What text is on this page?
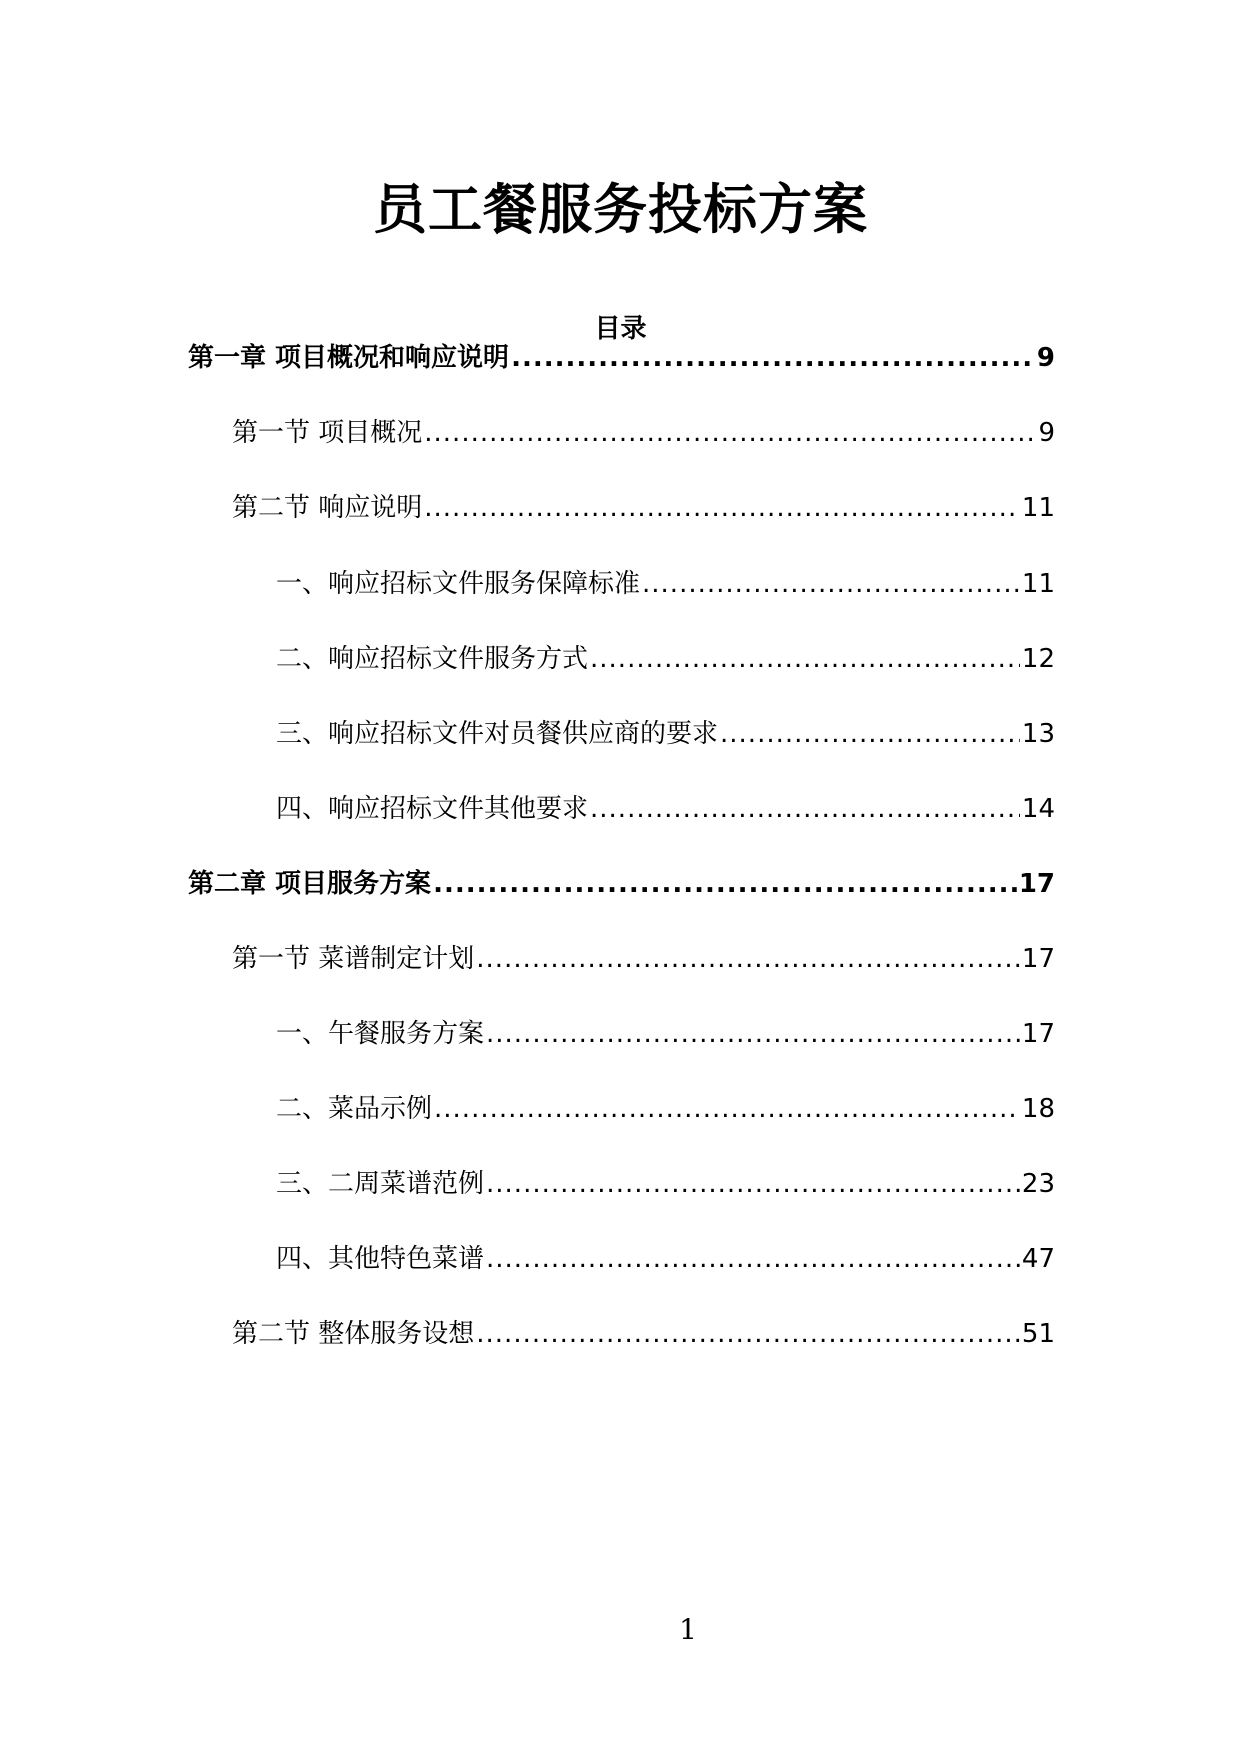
员工餐服务投标方案
目录
第一章 项目概况和响应说明 .....	9
第一节 项目概况 .....	9
第二节 响应说明 .....	11
一、响应招标文件服务保障标准 .....	11
二、响应招标文件服务方式 .....	12
三、响应招标文件对员餐供应商的要求 .....	13
四、响应招标文件其他要求 .....	14
第二章 项目服务方案 .....	17
第一节 菜谱制定计划 .....	17
一、午餐服务方案 .....	17
二、菜品示例 .....	18
三、二周菜谱范例 .....	23
四、其他特色菜谱 .....	47
第二节 整体服务设想 .....	51
1
